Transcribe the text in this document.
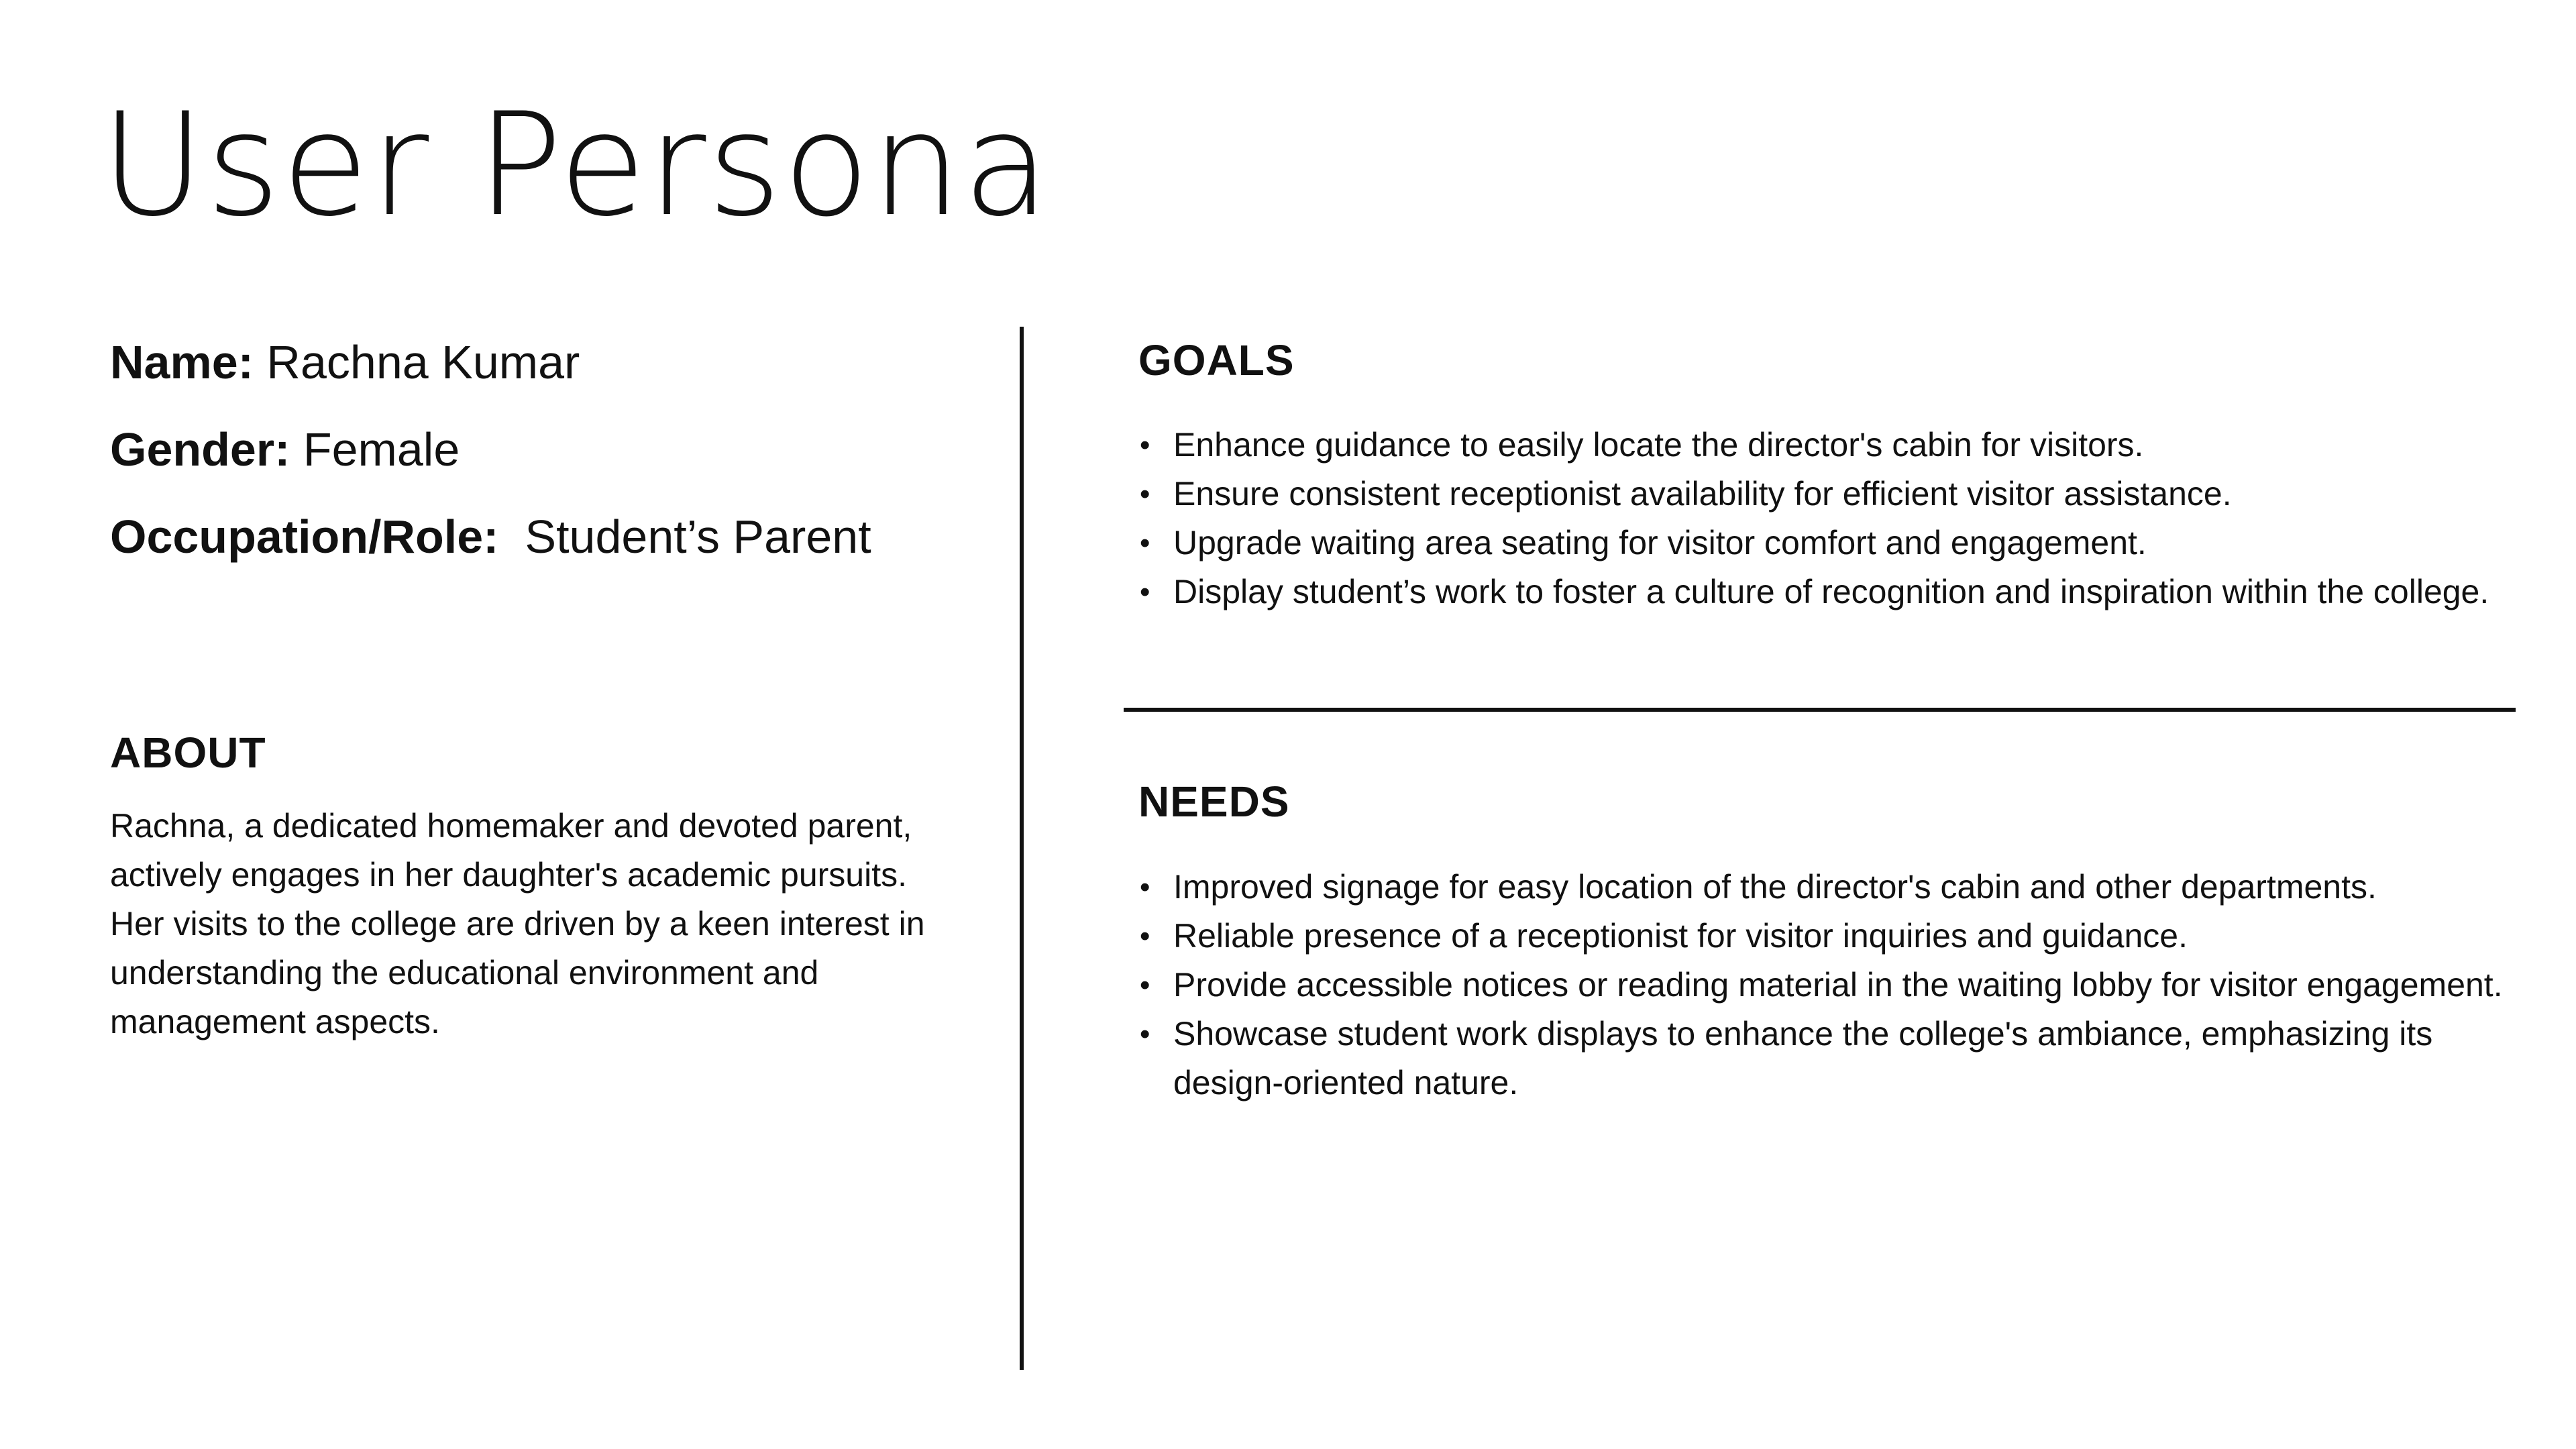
User Persona

Name: Rachna Kumar

Gender: Female

Occupation/Role: Student’s Parent

ABOUT

Rachna, a dedicated homemaker and devoted parent, actively engages in her daughter's academic pursuits. Her visits to the college are driven by a keen interest in understanding the educational environment and management aspects.

GOALS
• Enhance guidance to easily locate the director's cabin for visitors.
• Ensure consistent receptionist availability for efficient visitor assistance.
• Upgrade waiting area seating for visitor comfort and engagement.
• Display student’s work to foster a culture of recognition and inspiration within the college.
NEEDS
• Improved signage for easy location of the director's cabin and other departments.
• Reliable presence of a receptionist for visitor inquiries and guidance.
• Provide accessible notices or reading material in the waiting lobby for visitor engagement.
• Showcase student work displays to enhance the college's ambiance, emphasizing its design-oriented nature.
